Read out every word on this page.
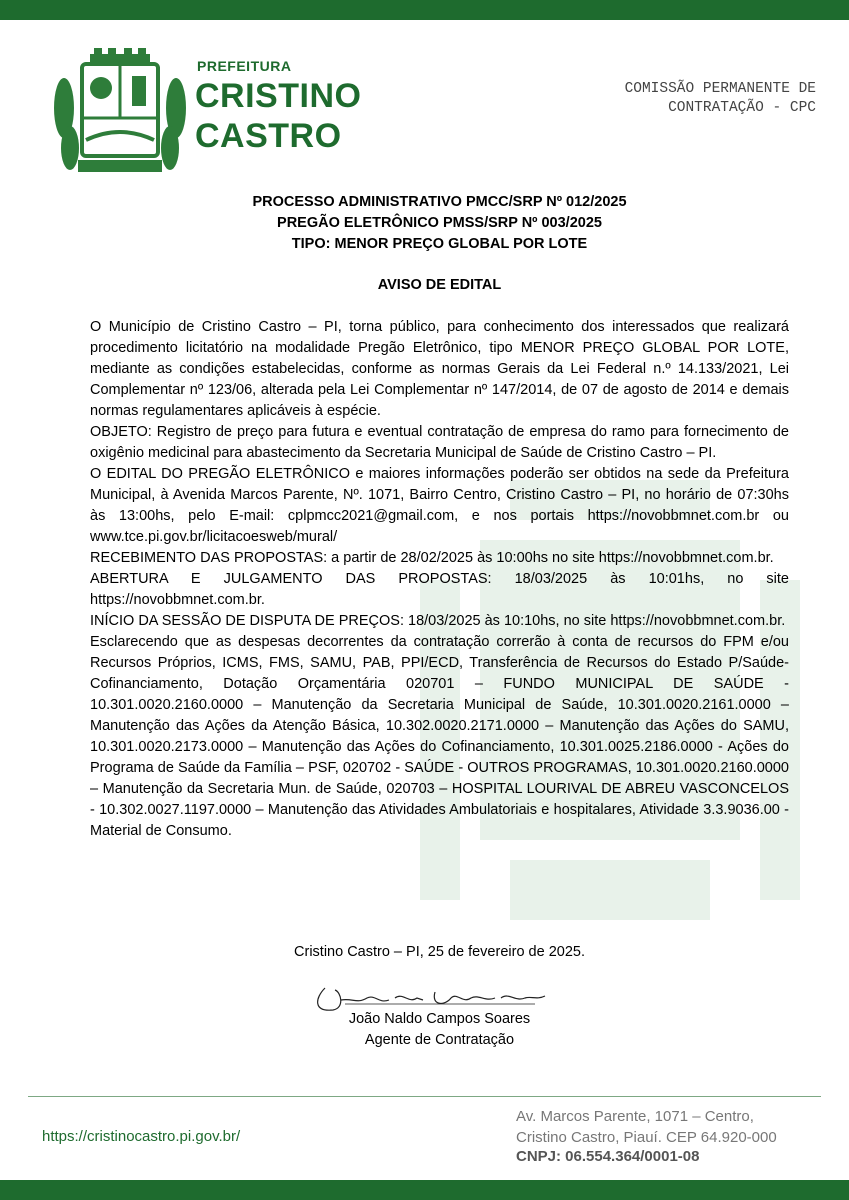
PREFEITURA
CRISTINO
CASTRO
COMISSÃO PERMANENTE DE
CONTRATAÇÃO - CPC
PROCESSO ADMINISTRATIVO PMCC/SRP Nº 012/2025
PREGÃO ELETRÔNICO PMSS/SRP Nº 003/2025
TIPO: MENOR PREÇO GLOBAL POR LOTE
AVISO DE EDITAL

O Município de Cristino Castro – PI, torna público, para conhecimento dos interessados que realizará procedimento licitatório na modalidade Pregão Eletrônico, tipo MENOR PREÇO GLOBAL POR LOTE, mediante as condições estabelecidas, conforme as normas Gerais da Lei Federal n.º 14.133/2021, Lei Complementar nº 123/06, alterada pela Lei Complementar nº 147/2014, de 07 de agosto de 2014 e demais normas regulamentares aplicáveis à espécie.

OBJETO: Registro de preço para futura e eventual contratação de empresa do ramo para fornecimento de oxigênio medicinal para abastecimento da Secretaria Municipal de Saúde de Cristino Castro – PI.

O EDITAL DO PREGÃO ELETRÔNICO e maiores informações poderão ser obtidos na sede da Prefeitura Municipal, à Avenida Marcos Parente, Nº. 1071, Bairro Centro, Cristino Castro – PI, no horário de 07:30hs às 13:00hs, pelo E-mail: cplpmcc2021@gmail.com, e nos portais https://novobbmnet.com.br ou www.tce.pi.gov.br/licitacoesweb/mural/

RECEBIMENTO DAS PROPOSTAS: a partir de 28/02/2025 às 10:00hs no site https://novobbmnet.com.br.

ABERTURA E JULGAMENTO DAS PROPOSTAS: 18/03/2025 às 10:01hs, no site https://novobbmnet.com.br.

INÍCIO DA SESSÃO DE DISPUTA DE PREÇOS: 18/03/2025 às 10:10hs, no site https://novobbmnet.com.br.

Esclarecendo que as despesas decorrentes da contratação correrão à conta de recursos do FPM e/ou Recursos Próprios, ICMS, FMS, SAMU, PAB, PPI/ECD, Transferência de Recursos do Estado P/Saúde-Cofinanciamento, Dotação Orçamentária 020701 – FUNDO MUNICIPAL DE SAÚDE - 10.301.0020.2160.0000 – Manutenção da Secretaria Municipal de Saúde, 10.301.0020.2161.0000 – Manutenção das Ações da Atenção Básica, 10.302.0020.2171.0000 – Manutenção das Ações do SAMU, 10.301.0020.2173.0000 – Manutenção das Ações do Cofinanciamento, 10.301.0025.2186.0000 - Ações do Programa de Saúde da Família – PSF, 020702 - SAÚDE - OUTROS PROGRAMAS, 10.301.0020.2160.0000 – Manutenção da Secretaria Mun. de Saúde, 020703 – HOSPITAL LOURIVAL DE ABREU VASCONCELOS - 10.302.0027.1197.0000 – Manutenção das Atividades Ambulatoriais e hospitalares, Atividade 3.3.9036.00 - Material de Consumo.

Cristino Castro – PI, 25 de fevereiro de 2025.
João Naldo Campos Soares
Agente de Contratação
https://cristinocastro.pi.gov.br/
Av. Marcos Parente, 1071 – Centro,
Cristino Castro, Piauí. CEP 64.920-000
CNPJ: 06.554.364/0001-08
